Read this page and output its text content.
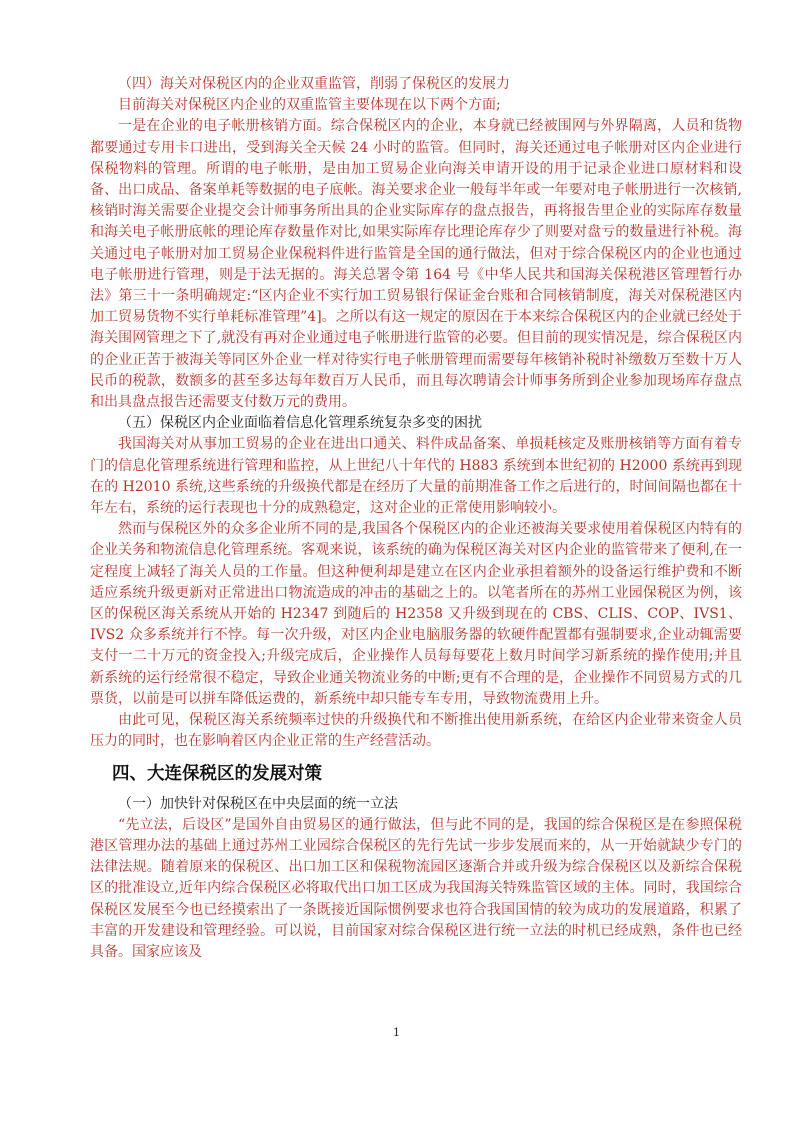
（四）海关对保税区内的企业双重监管，削弱了保税区的发展力

目前海关对保税区内企业的双重监管主要体现在以下两个方面;

一是在企业的电子帐册核销方面。综合保税区内的企业，本身就已经被围网与外界隔离，人员和货物都要通过专用卡口进出，受到海关全天候 24 小时的监管。但同时，海关还通过电子帐册对区内企业进行保税物料的管理。所谓的电子帐册，是由加工贸易企业向海关申请开设的用于记录企业进口原材料和设备、出口成品、备案单耗等数据的电子底帐。海关要求企业一般每半年或一年要对电子帐册进行一次核销,核销时海关需要企业提交会计师事务所出具的企业实际库存的盘点报告，再将报告里企业的实际库存数量和海关电子帐册底帐的理论库存数量作对比,如果实际库存比理论库存少了则要对盘亏的数量进行补税。海关通过电子帐册对加工贸易企业保税料件进行监管是全国的通行做法，但对于综合保税区内的企业也通过电子帐册进行管理，则是于法无据的。海关总署令第 164 号《中华人民共和国海关保税港区管理暂行办法》第三十一条明确规定:“区内企业不实行加工贸易银行保证金台账和合同核销制度，海关对保税港区内加工贸易货物不实行单耗标准管理”4]。之所以有这一规定的原因在于本来综合保税区内的企业就已经处于海关围网管理之下了,就没有再对企业通过电子帐册进行监管的必要。但目前的现实情况是，综合保税区内的企业正苦于被海关等同区外企业一样对待实行电子帐册管理而需要每年核销补税时补缴数万至数十万人民币的税款，数额多的甚至多达每年数百万人民币，而且每次聘请会计师事务所到企业参加现场库存盘点和出具盘点报告还需要支付数万元的费用。

（五）保税区内企业面临着信息化管理系统复杂多变的困扰

我国海关对从事加工贸易的企业在进出口通关、料件成品备案、单损耗核定及账册核销等方面有着专门的信息化管理系统进行管理和监控，从上世纪八十年代的 H883 系统到本世纪初的 H2000 系统再到现在的 H2010 系统,这些系统的升级换代都是在经历了大量的前期准备工作之后进行的，时间间隔也都在十年左右，系统的运行表现也十分的成熟稳定，这对企业的正常使用影响较小。

然而与保税区外的众多企业所不同的是,我国各个保税区内的企业还被海关要求使用着保税区内特有的企业关务和物流信息化管理系统。客观来说，该系统的确为保税区海关对区内企业的监管带来了便利,在一定程度上减轻了海关人员的工作量。但这种便利却是建立在区内企业承担着额外的设备运行维护费和不断适应系统升级更新对正常进出口物流造成的冲击的基础之上的。以笔者所在的苏州工业园保税区为例，该区的保税区海关系统从开始的 H2347 到随后的 H2358 又升级到现在的 CBS、CLIS、COP、IVS1、IVS2 众多系统并行不悖。每一次升级，对区内企业电脑服务器的软硬件配置都有强制要求,企业动辄需要支付一二十万元的资金投入;升级完成后，企业操作人员每每要花上数月时间学习新系统的操作使用;并且新系统的运行经常很不稳定，导致企业通关物流业务的中断;更有不合理的是，企业操作不同贸易方式的几票货，以前是可以拼车降低运费的，新系统中却只能专车专用，导致物流费用上升。

由此可见，保税区海关系统频率过快的升级换代和不断推出使用新系统，在给区内企业带来资金人员压力的同时，也在影响着区内企业正常的生产经营活动。

四、大连保税区的发展对策

（一）加快针对保税区在中央层面的统一立法

“先立法，后设区”是国外自由贸易区的通行做法，但与此不同的是，我国的综合保税区是在参照保税港区管理办法的基础上通过苏州工业园综合保税区的先行先试一步步发展而来的，从一开始就缺少专门的法律法规。随着原来的保税区、出口加工区和保税物流园区逐渐合并或升级为综合保税区以及新综合保税区的批准设立,近年内综合保税区必将取代出口加工区成为我国海关特殊监管区域的主体。同时，我国综合保税区发展至今也已经摸索出了一条既接近国际惯例要求也符合我国国情的较为成功的发展道路，积累了丰富的开发建设和管理经验。可以说，目前国家对综合保税区进行统一立法的时机已经成熟，条件也已经具备。国家应该及

1
